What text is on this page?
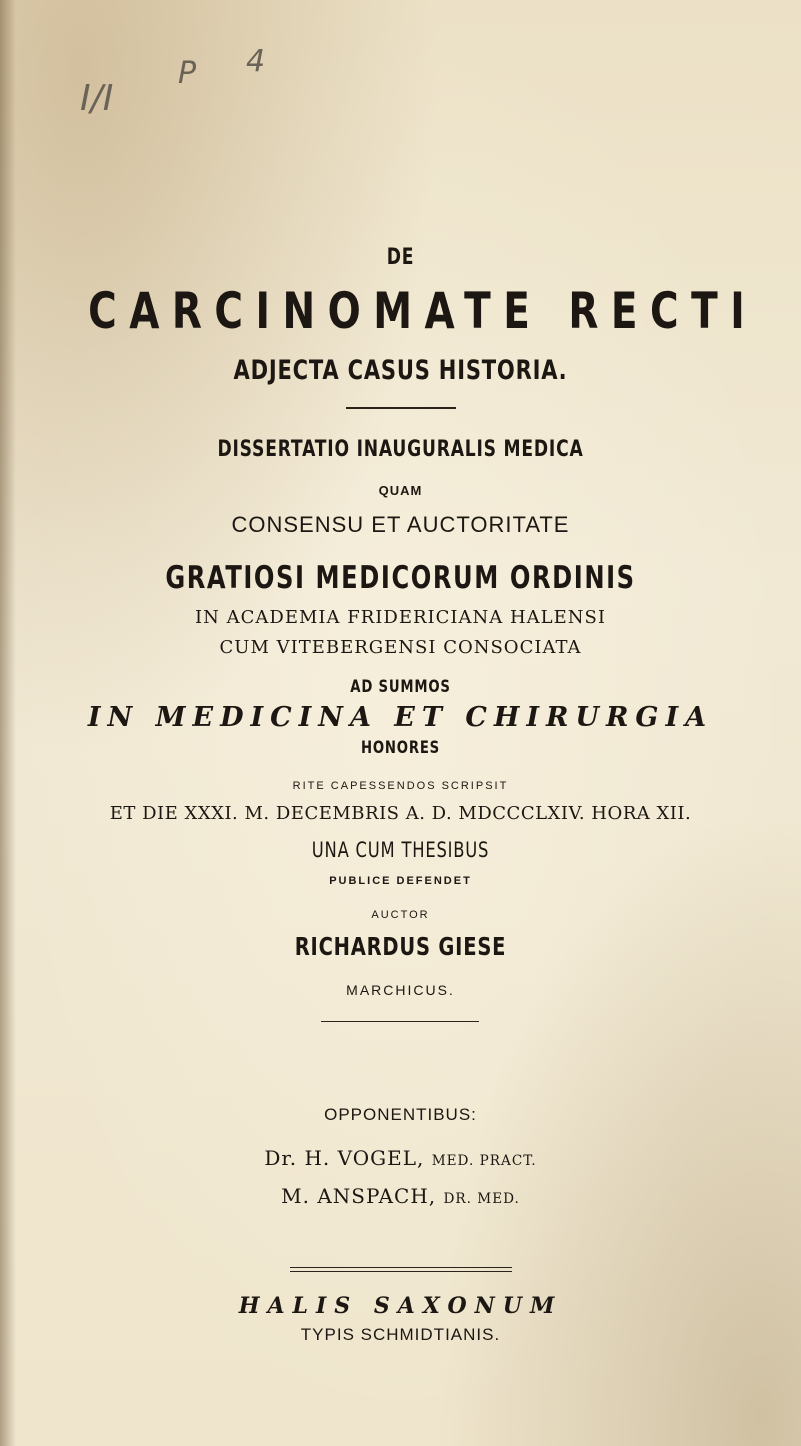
I/I
P 4
DE
CARCINOMATE RECTI
ADJECTA CASUS HISTORIA.
DISSERTATIO INAUGURALIS MEDICA
QUAM
CONSENSU ET AUCTORITATE
GRATIOSI MEDICORUM ORDINIS
IN ACADEMIA FRIDERICIANA HALENSI
CUM VITEBERGENSI CONSOCIATA
AD SUMMOS
IN MEDICINA ET CHIRURGIA
HONORES
RITE CAPESSENDOS SCRIPSIT
ET DIE XXXI. M. DECEMBRIS A. D. MDCCCLXIV. HORA XII.
UNA CUM THESIBUS
PUBLICE DEFENDET
AUCTOR
RICHARDUS GIESE
MARCHICUS.
OPPONENTIBUS:
Dr. H. VOGEL, MED. PRACT.
M. ANSPACH, DR. MED.
HALIS SAXONUM
TYPIS SCHMIDTIANIS.
